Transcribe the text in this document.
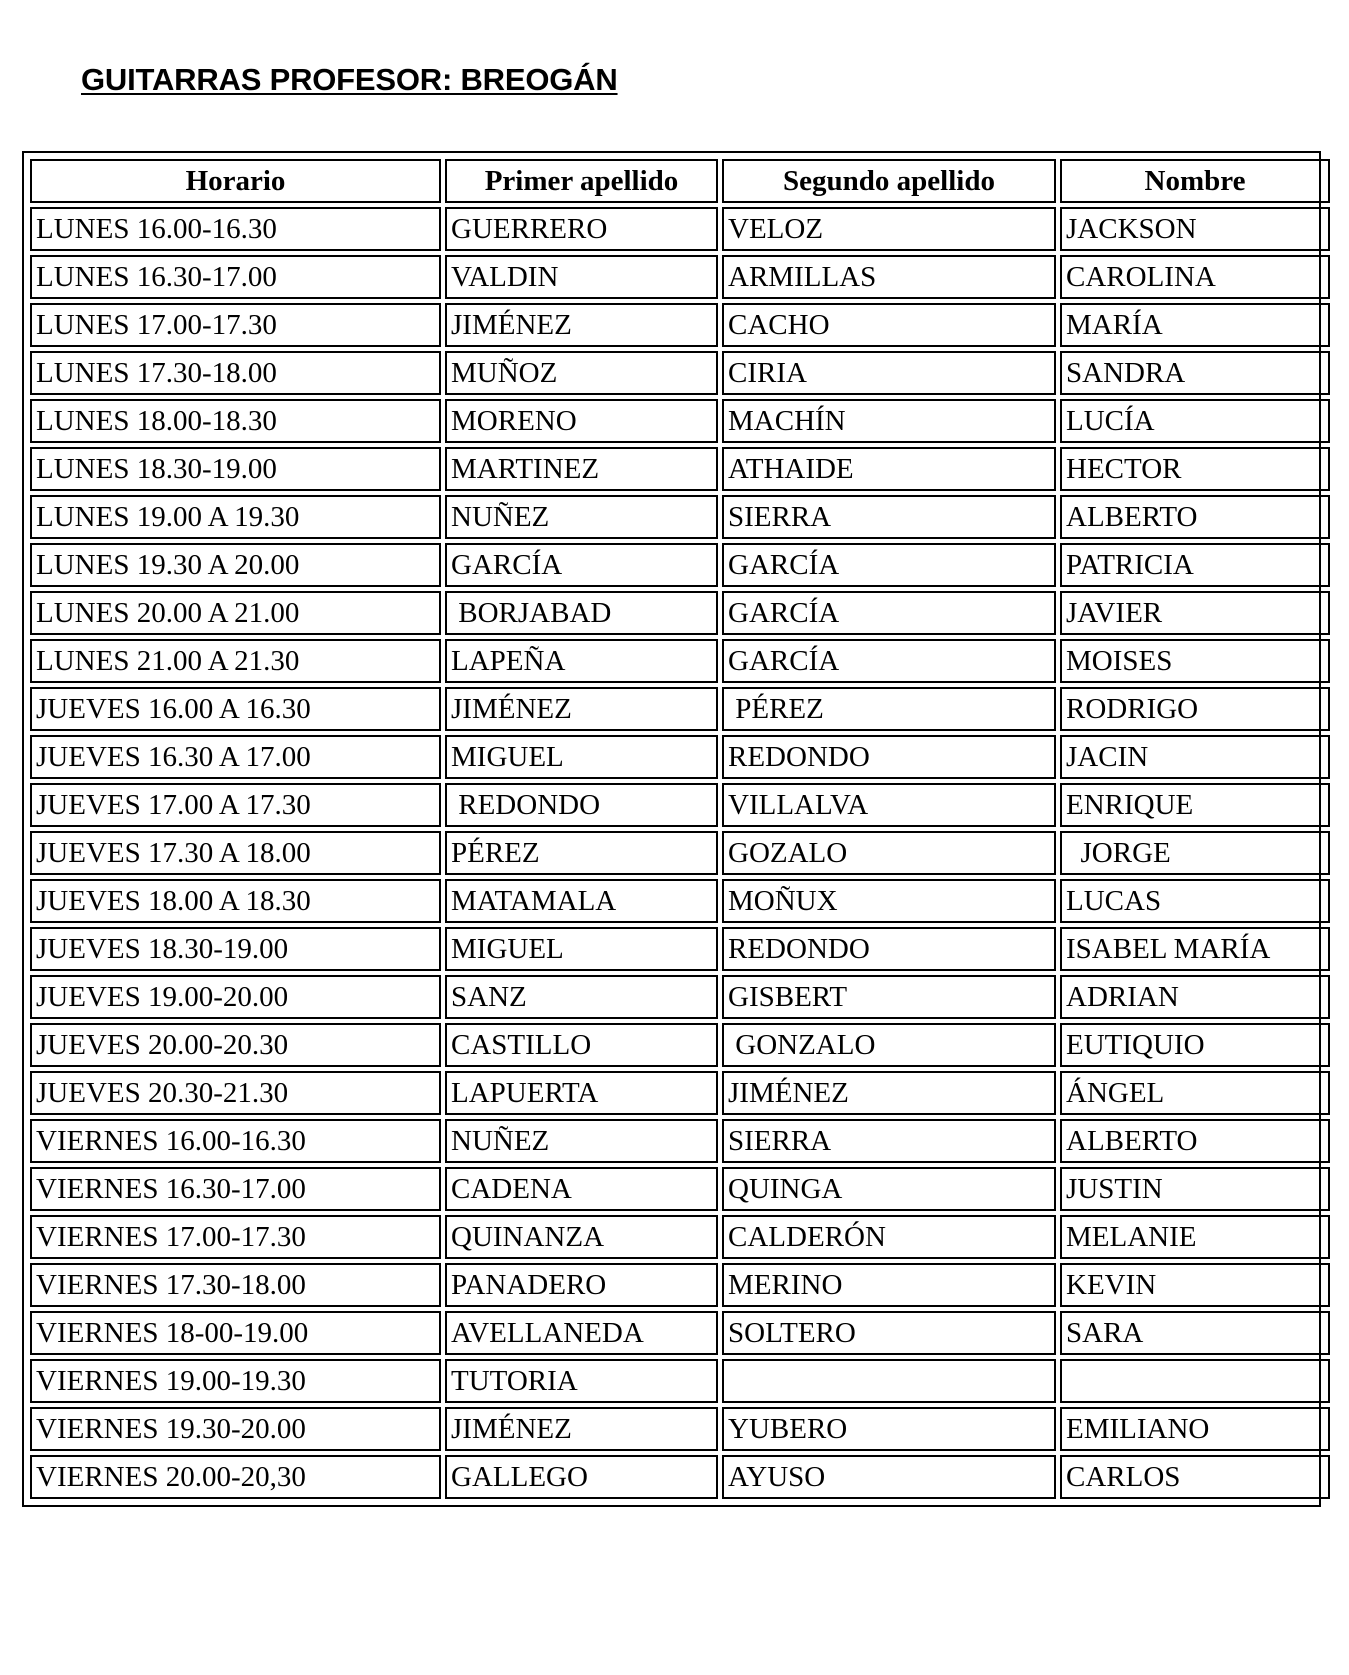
GUITARRAS PROFESOR: BREOGÁN
Horario	Primer apellido	Segundo apellido	Nombre
LUNES 16.00-16.30	GUERRERO	VELOZ	JACKSON
LUNES 16.30-17.00	VALDIN	ARMILLAS	CAROLINA
LUNES 17.00-17.30	JIMÉNEZ	CACHO	MARÍA
LUNES 17.30-18.00	MUÑOZ	CIRIA	SANDRA
LUNES 18.00-18.30	MORENO	MACHÍN	LUCÍA
LUNES 18.30-19.00	MARTINEZ	ATHAIDE	HECTOR
LUNES 19.00 A 19.30	NUÑEZ	SIERRA	ALBERTO
LUNES 19.30 A 20.00	GARCÍA	GARCÍA	PATRICIA
LUNES 20.00 A 21.00	BORJABAD	GARCÍA	JAVIER
LUNES 21.00 A 21.30	LAPEÑA	GARCÍA	MOISES
JUEVES 16.00 A 16.30	JIMÉNEZ	PÉREZ	RODRIGO
JUEVES 16.30 A 17.00	MIGUEL	REDONDO	JACIN
JUEVES 17.00 A 17.30	REDONDO	VILLALVA	ENRIQUE
JUEVES 17.30 A 18.00	PÉREZ	GOZALO	JORGE
JUEVES 18.00 A 18.30	MATAMALA	MOÑUX	LUCAS
JUEVES 18.30-19.00	MIGUEL	REDONDO	ISABEL MARÍA
JUEVES 19.00-20.00	SANZ	GISBERT	ADRIAN
JUEVES 20.00-20.30	CASTILLO	GONZALO	EUTIQUIO
JUEVES 20.30-21.30	LAPUERTA	JIMÉNEZ	ÁNGEL
VIERNES 16.00-16.30	NUÑEZ	SIERRA	ALBERTO
VIERNES 16.30-17.00	CADENA	QUINGA	JUSTIN
VIERNES 17.00-17.30	QUINANZA	CALDERÓN	MELANIE
VIERNES 17.30-18.00	PANADERO	MERINO	KEVIN
VIERNES 18-00-19.00	AVELLANEDA	SOLTERO	SARA
VIERNES 19.00-19.30	TUTORIA		
VIERNES 19.30-20.00	JIMÉNEZ	YUBERO	EMILIANO
VIERNES 20.00-20,30	GALLEGO	AYUSO	CARLOS
